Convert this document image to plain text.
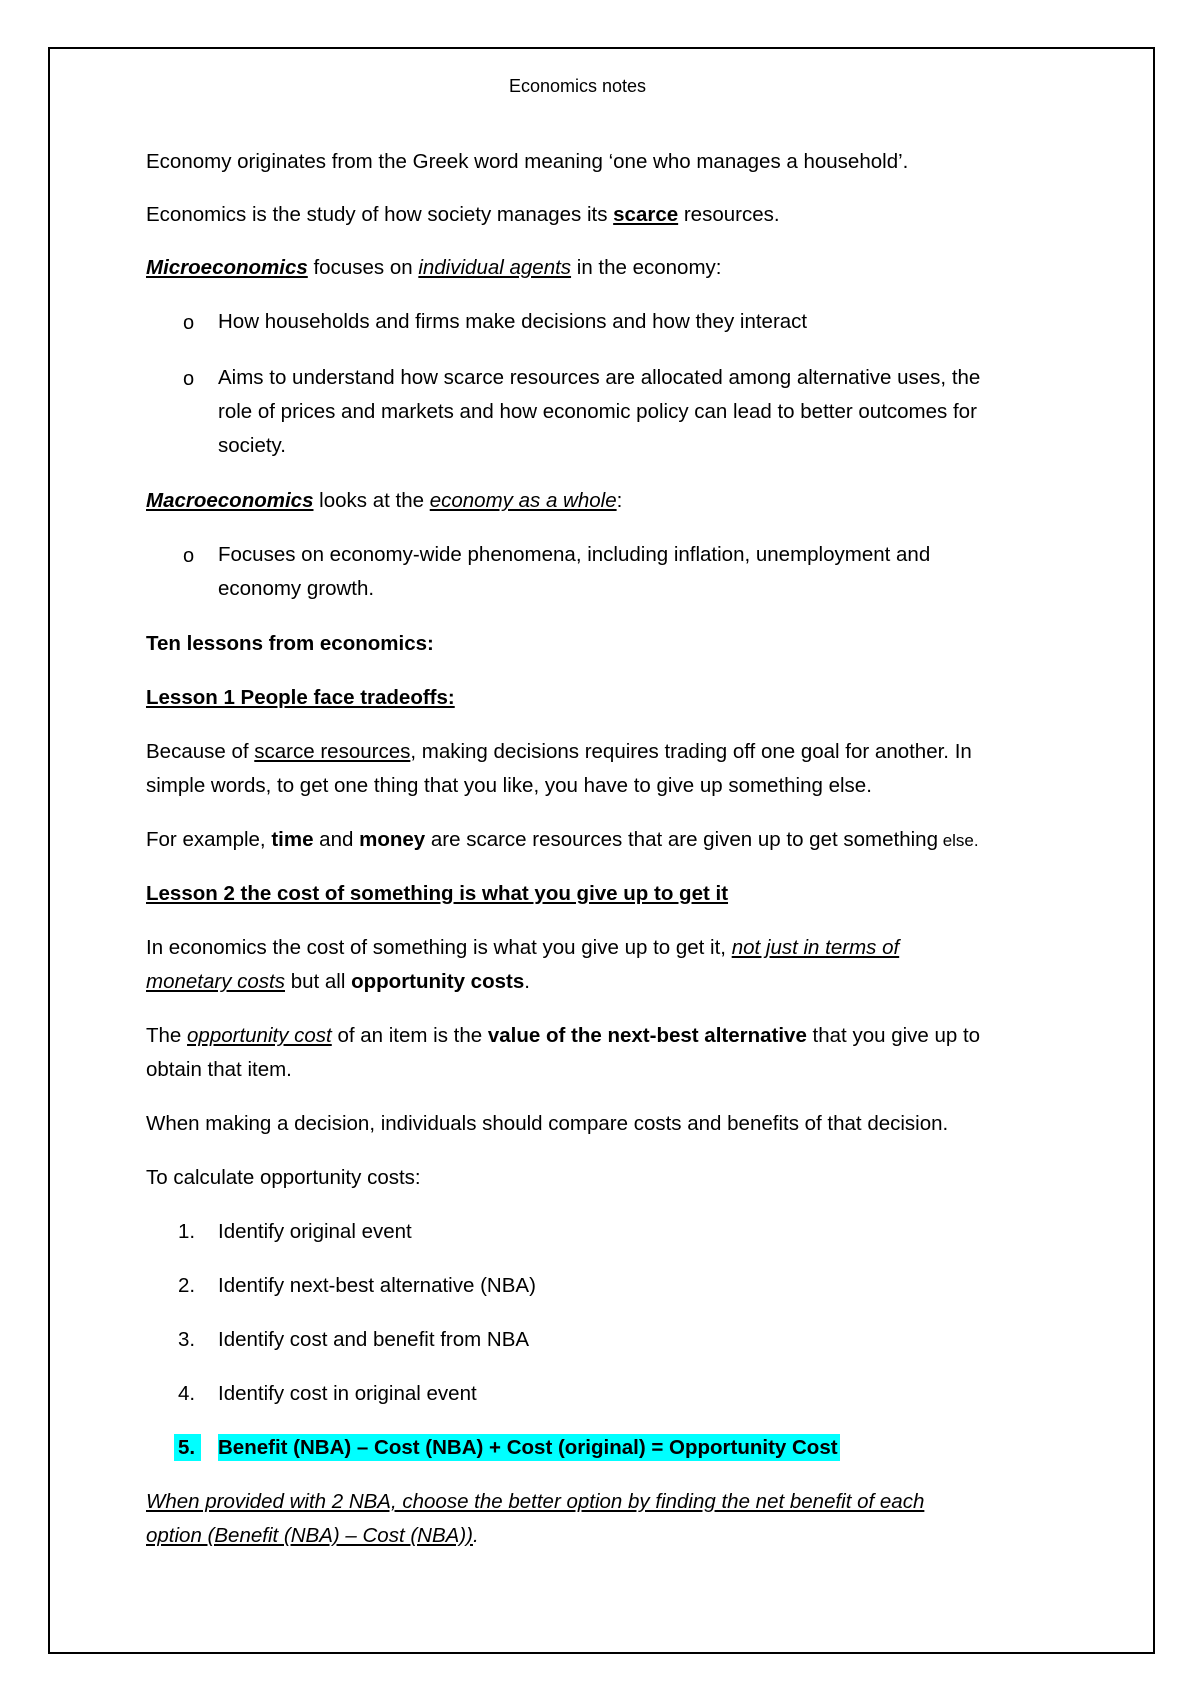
Economics notes
Economy originates from the Greek word meaning ‘one who manages a household’.
Economics is the study of how society manages its scarce resources.
Microeconomics focuses on individual agents in the economy:
o How households and firms make decisions and how they interact
o Aims to understand how scarce resources are allocated among alternative uses, the
role of prices and markets and how economic policy can lead to better outcomes for
society.
Macroeconomics looks at the economy as a whole:
o Focuses on economy-wide phenomena, including inflation, unemployment and
economy growth.
Ten lessons from economics:
Lesson 1 People face tradeoffs:
Because of scarce resources, making decisions requires trading off one goal for another. In
simple words, to get one thing that you like, you have to give up something else.
For example, time and money are scarce resources that are given up to get something else.
Lesson 2 the cost of something is what you give up to get it
In economics the cost of something is what you give up to get it, not just in terms of
monetary costs but all opportunity costs.
The opportunity cost of an item is the value of the next-best alternative that you give up to
obtain that item.
When making a decision, individuals should compare costs and benefits of that decision.
To calculate opportunity costs:
1. Identify original event
2. Identify next-best alternative (NBA)
3. Identify cost and benefit from NBA
4. Identify cost in original event
5. Benefit (NBA) – Cost (NBA) + Cost (original) = Opportunity Cost
When provided with 2 NBA, choose the better option by finding the net benefit of each
option (Benefit (NBA) – Cost (NBA)).
